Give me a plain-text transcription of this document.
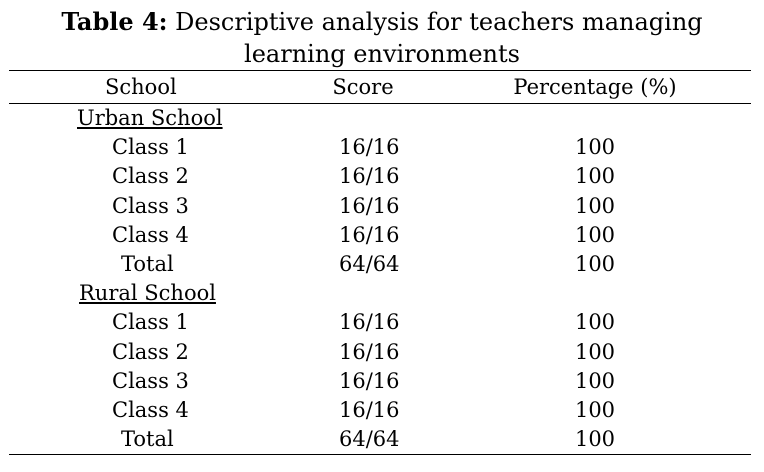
Table 4: Descriptive analysis for teachers managing
learning environments
School	Score	Percentage (%)
Urban School		
Class 1	16/16	100
Class 2	16/16	100
Class 3	16/16	100
Class 4	16/16	100
Total	64/64	100
Rural School		
Class 1	16/16	100
Class 2	16/16	100
Class 3	16/16	100
Class 4	16/16	100
Total	64/64	100
